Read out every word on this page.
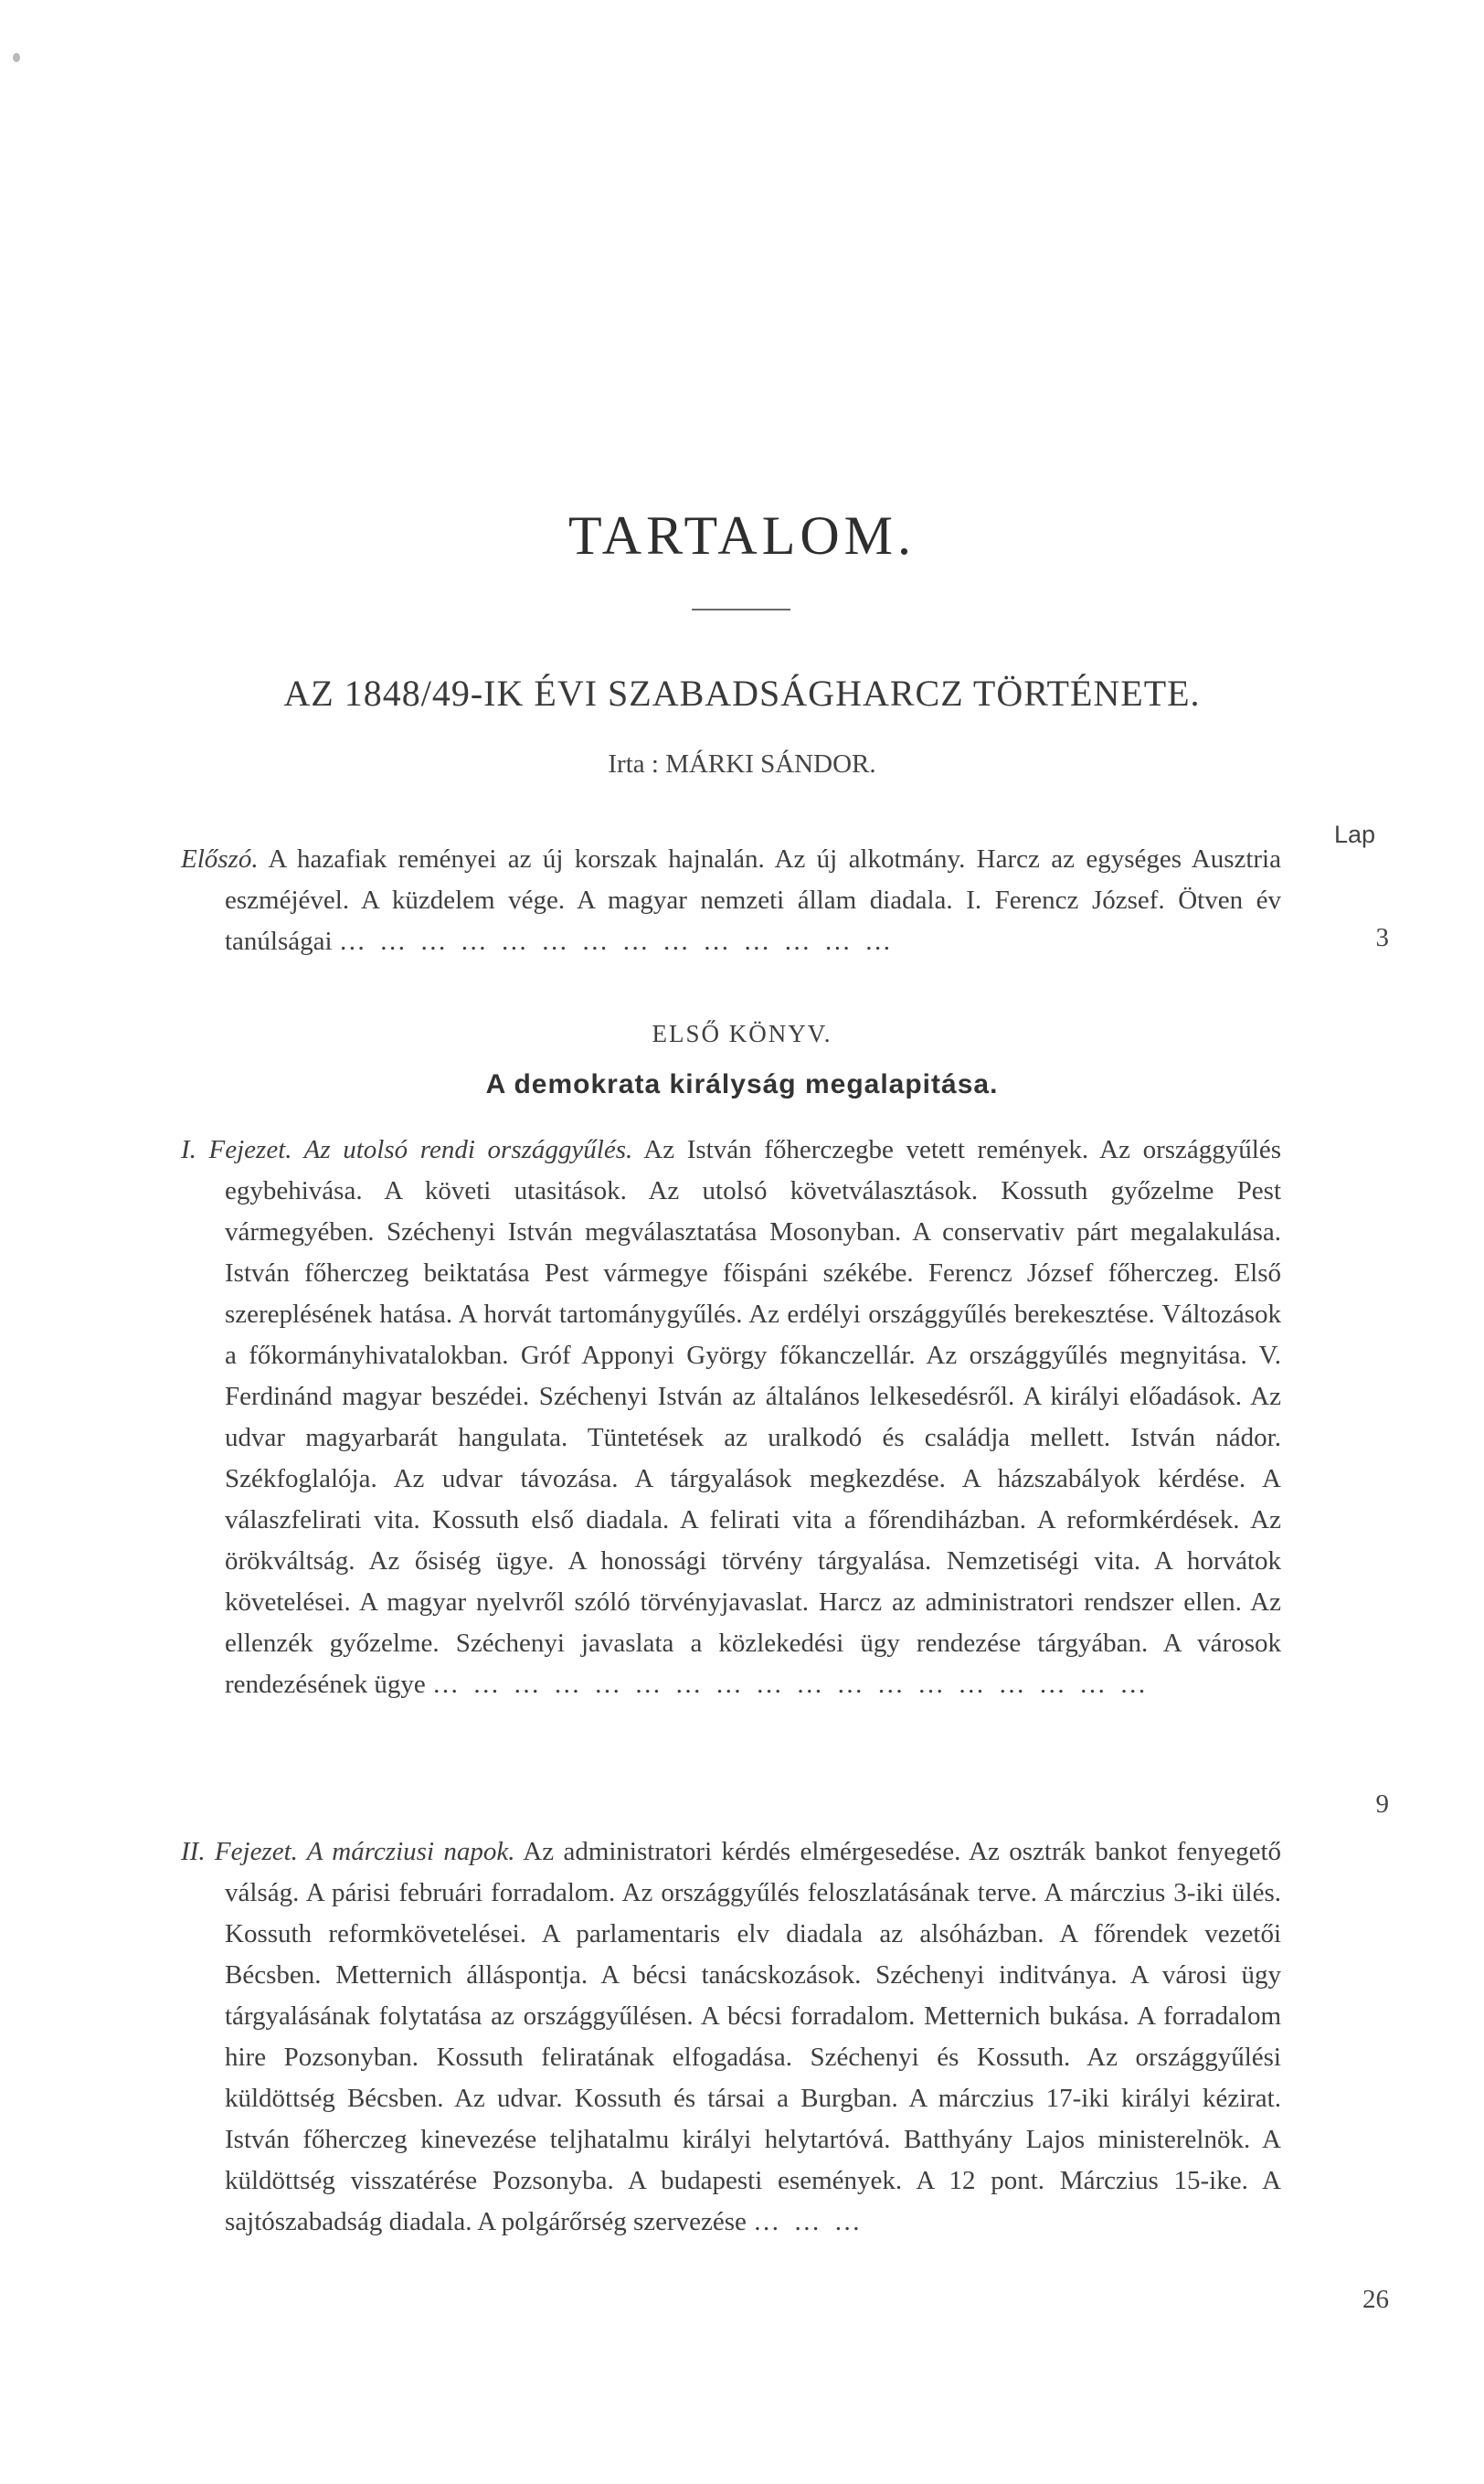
TARTALOM.
AZ 1848/49-IK ÉVI SZABADSÁGHARCZ TÖRTÉNETE.
Irta : MÁRKI SÁNDOR.
Lap
Előszó. A hazafiak reményei az új korszak hajnalán. Az új alkotmány. Harcz az egységes Ausztria eszméjével. A küzdelem vége. A magyar nemzeti állam diadala. I. Ferencz József. Ötven év tanúlságai … … … … … … … … … … … … … …	3
ELSŐ KÖNYV.
A demokrata királyság megalapitása.
I. Fejezet. Az utolsó rendi országgyűlés. Az István főherczegbe vetett remények. Az országgyűlés egybehivása. A követi utasitások. Az utolsó követválasztások. Kossuth győzelme Pest vármegyében. Széchenyi István megválasztatása Mosonyban. A conservativ párt megalakulása. István főherczeg beiktatása Pest vármegye főispáni székébe. Ferencz József főherczeg. Első szereplésének hatása. A horvát tartománygyűlés. Az erdélyi országgyűlés berekesztése. Változások a főkormányhivatalokban. Gróf Apponyi György főkanczellár. Az országgyűlés megnyitása. V. Ferdinánd magyar beszédei. Széchenyi István az általános lelkesedésről. A királyi előadások. Az udvar magyarbarát hangulata. Tüntetések az uralkodó és családja mellett. István nádor. Székfoglalója. Az udvar távozása. A tárgyalások megkezdése. A házszabályok kérdése. A válaszfelirati vita. Kossuth első diadala. A felirati vita a főrendiházban. A reformkérdések. Az örökváltság. Az ősiség ügye. A honossági törvény tárgyalása. Nemzetiségi vita. A horvátok követelései. A magyar nyelvről szóló törvényjavaslat. Harcz az administratori rendszer ellen. Az ellenzék győzelme. Széchenyi javaslata a közlekedési ügy rendezése tárgyában. A városok rendezésének ügye … … … … … … … … … … … … … … … … … …
9
II. Fejezet. A márcziusi napok. Az administratori kérdés elmérgesedése. Az osztrák bankot fenyegető válság. A párisi februári forradalom. Az országgyűlés feloszlatásának terve. A márczius 3-iki ülés. Kossuth reformkövetelései. A parlamentaris elv diadala az alsóházban. A főrendek vezetői Bécsben. Metternich álláspontja. A bécsi tanácskozások. Széchenyi inditványa. A városi ügy tárgyalásának folytatása az országgyűlésen. A bécsi forradalom. Metternich bukása. A forradalom hire Pozsonyban. Kossuth feliratának elfogadása. Széchenyi és Kossuth. Az országgyűlési küldöttség Bécsben. Az udvar. Kossuth és társai a Burgban. A márczius 17-iki királyi kézirat. István főherczeg kinevezése teljhatalmu királyi helytartóvá. Batthyány Lajos ministerelnök. A küldöttség visszatérése Pozsonyba. A budapesti események. A 12 pont. Márczius 15-ike. A sajtószabadság diadala. A polgárőrség szervezése … … …
26
